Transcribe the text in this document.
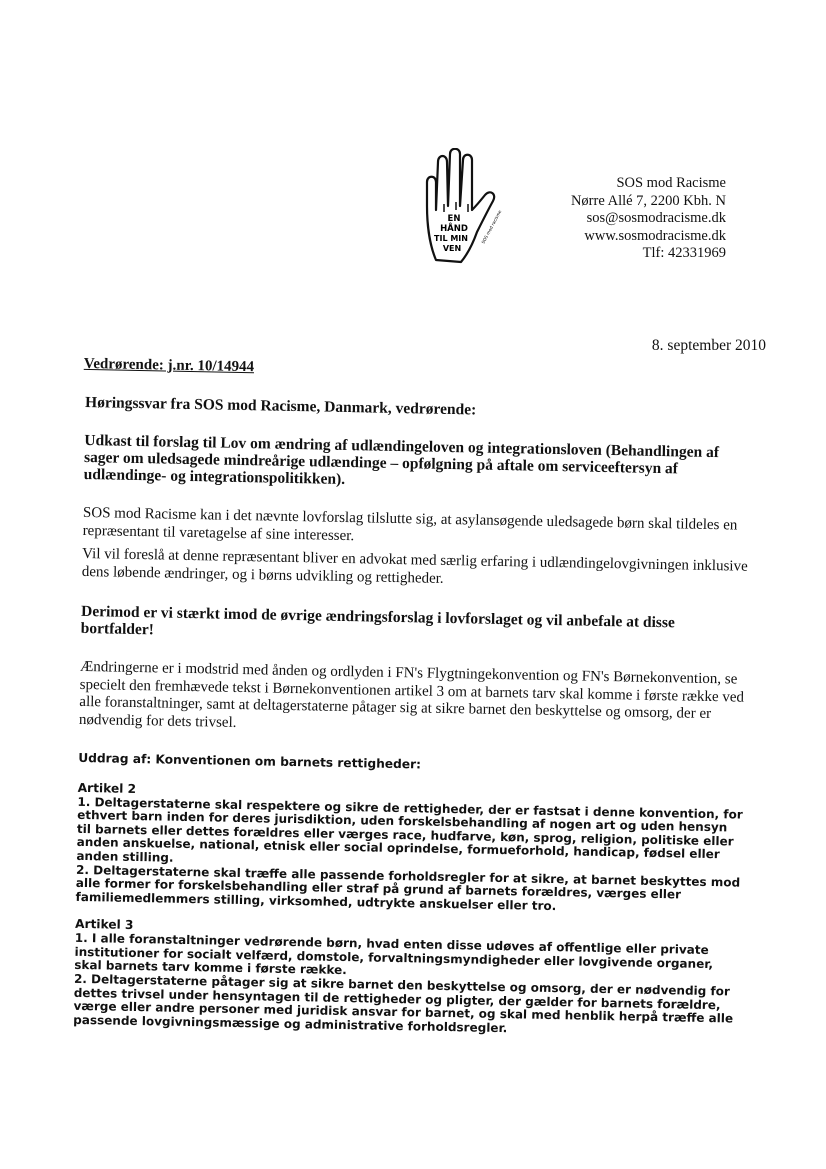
EN
HÅND
TIL MIN
VEN
SOS mod racisme
SOS mod Racisme
Nørre Allé 7, 2200 Kbh. N
sos@sosmodracisme.dk
www.sosmodracisme.dk
Tlf: 42331969
8. september 2010
Vedrørende: j.nr. 10/14944
Høringssvar fra SOS mod Racisme, Danmark, vedrørende:
Udkast til forslag til Lov om ændring af udlændingeloven og integrationsloven (Behandlingen af sager om uledsagede mindreårige udlændinge – opfølgning på aftale om serviceeftersyn af udlændinge- og integrationspolitikken).
SOS mod Racisme kan i det nævnte lovforslag tilslutte sig, at asylansøgende uledsagede børn skal tildeles en repræsentant til varetagelse af sine interesser.
Vil vil foreslå at denne repræsentant bliver en advokat med særlig erfaring i udlændingelovgivningen inklusive dens løbende ændringer, og i børns udvikling og rettigheder.
Derimod er vi stærkt imod de øvrige ændringsforslag i lovforslaget og vil anbefale at disse bortfalder!
Ændringerne er i modstrid med ånden og ordlyden i FN's Flygtningekonvention og FN's Børnekonvention, se specielt den fremhævede tekst i Børnekonventionen artikel 3 om at barnets tarv skal komme i første række ved alle foranstaltninger, samt at deltagerstaterne påtager sig at sikre barnet den beskyttelse og omsorg, der er nødvendig for dets trivsel.
Uddrag af: Konventionen om barnets rettigheder:
Artikel 2
1. Deltagerstaterne skal respektere og sikre de rettigheder, der er fastsat i denne konvention, for ethvert barn inden for deres jurisdiktion, uden forskelsbehandling af nogen art og uden hensyn til barnets eller dettes forældres eller værges race, hudfarve, køn, sprog, religion, politiske eller anden anskuelse, national, etnisk eller social oprindelse, formueforhold, handicap, fødsel eller anden stilling.
2. Deltagerstaterne skal træffe alle passende forholdsregler for at sikre, at barnet beskyttes mod alle former for forskelsbehandling eller straf på grund af barnets forældres, værges eller familiemedlemmers stilling, virksomhed, udtrykte anskuelser eller tro.
Artikel 3
1. I alle foranstaltninger vedrørende børn, hvad enten disse udøves af offentlige eller private institutioner for socialt velfærd, domstole, forvaltningsmyndigheder eller lovgivende organer, skal barnets tarv komme i første række.
2. Deltagerstaterne påtager sig at sikre barnet den beskyttelse og omsorg, der er nødvendig for dettes trivsel under hensyntagen til de rettigheder og pligter, der gælder for barnets forældre, værge eller andre personer med juridisk ansvar for barnet, og skal med henblik herpå træffe alle passende lovgivningsmæssige og administrative forholdsregler.
